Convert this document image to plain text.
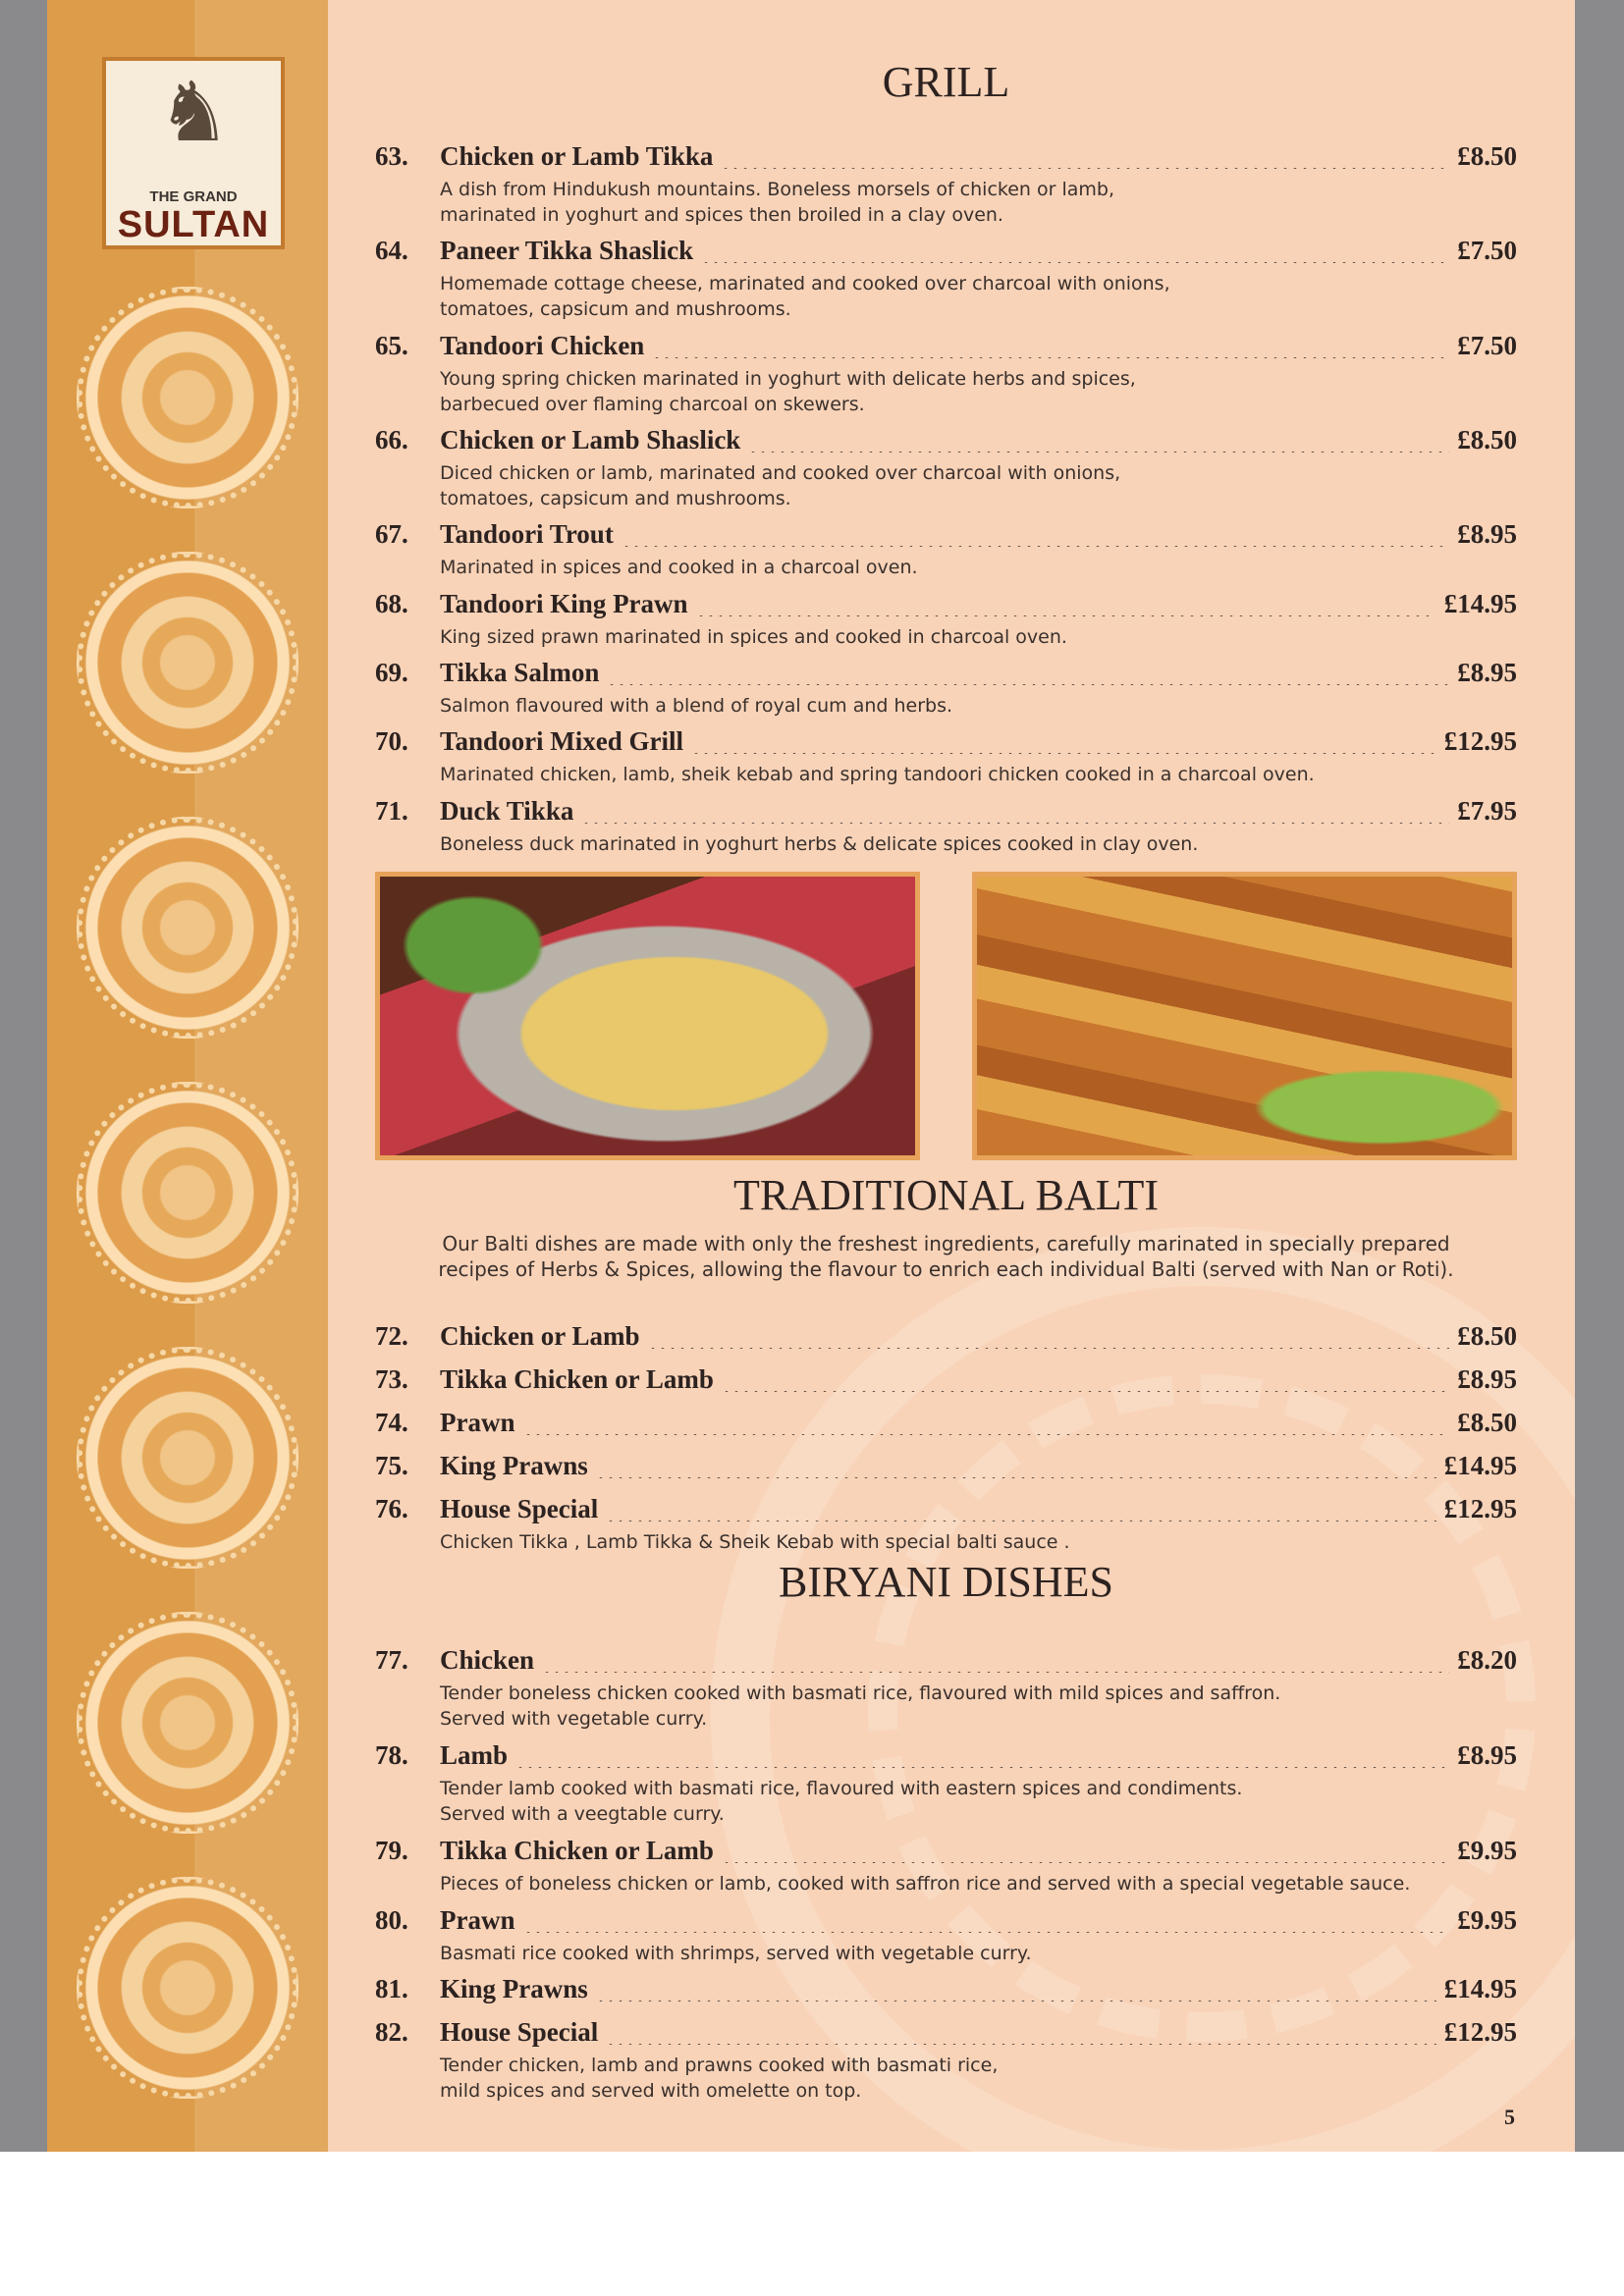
♞
THE GRAND
SULTAN
GRILL
63. Chicken or Lamb Tikka	£8.50
A dish from Hindukush mountains. Boneless morsels of chicken or lamb,
marinated in yoghurt and spices then broiled in a clay oven.
64. Paneer Tikka Shaslick	£7.50
Homemade cottage cheese, marinated and cooked over charcoal with onions,
tomatoes, capsicum and mushrooms.
65. Tandoori Chicken	£7.50
Young spring chicken marinated in yoghurt with delicate herbs and spices,
barbecued over flaming charcoal on skewers.
66. Chicken or Lamb Shaslick	£8.50
Diced chicken or lamb, marinated and cooked over charcoal with onions,
tomatoes, capsicum and mushrooms.
67. Tandoori Trout	£8.95
Marinated in spices and cooked in a charcoal oven.
68. Tandoori King Prawn	£14.95
King sized prawn marinated in spices and cooked in charcoal oven.
69. Tikka Salmon	£8.95
Salmon flavoured with a blend of royal cum and herbs.
70. Tandoori Mixed Grill	£12.95
Marinated chicken, lamb, sheik kebab and spring tandoori chicken cooked in a charcoal oven.
71. Duck Tikka	£7.95
Boneless duck marinated in yoghurt herbs & delicate spices cooked in clay oven.
TRADITIONAL BALTI
Our Balti dishes are made with only the freshest ingredients, carefully marinated in specially prepared
recipes of Herbs & Spices, allowing the flavour to enrich each individual Balti (served with Nan or Roti).
72. Chicken or Lamb	£8.50
73. Tikka Chicken or Lamb	£8.95
74. Prawn	£8.50
75. King Prawns	£14.95
76. House Special	£12.95
Chicken Tikka , Lamb Tikka & Sheik Kebab with special balti sauce .
BIRYANI DISHES
77. Chicken	£8.20
Tender boneless chicken cooked with basmati rice, flavoured with mild spices and saffron.
Served with vegetable curry.
78. Lamb	£8.95
Tender lamb cooked with basmati rice, flavoured with eastern spices and condiments.
Served with a veegtable curry.
79. Tikka Chicken or Lamb	£9.95
Pieces of boneless chicken or lamb, cooked with saffron rice and served with a special vegetable sauce.
80. Prawn	£9.95
Basmati rice cooked with shrimps, served with vegetable curry.
81. King Prawns	£14.95
82. House Special	£12.95
Tender chicken, lamb and prawns cooked with basmati rice,
mild spices and served with omelette on top.
5
